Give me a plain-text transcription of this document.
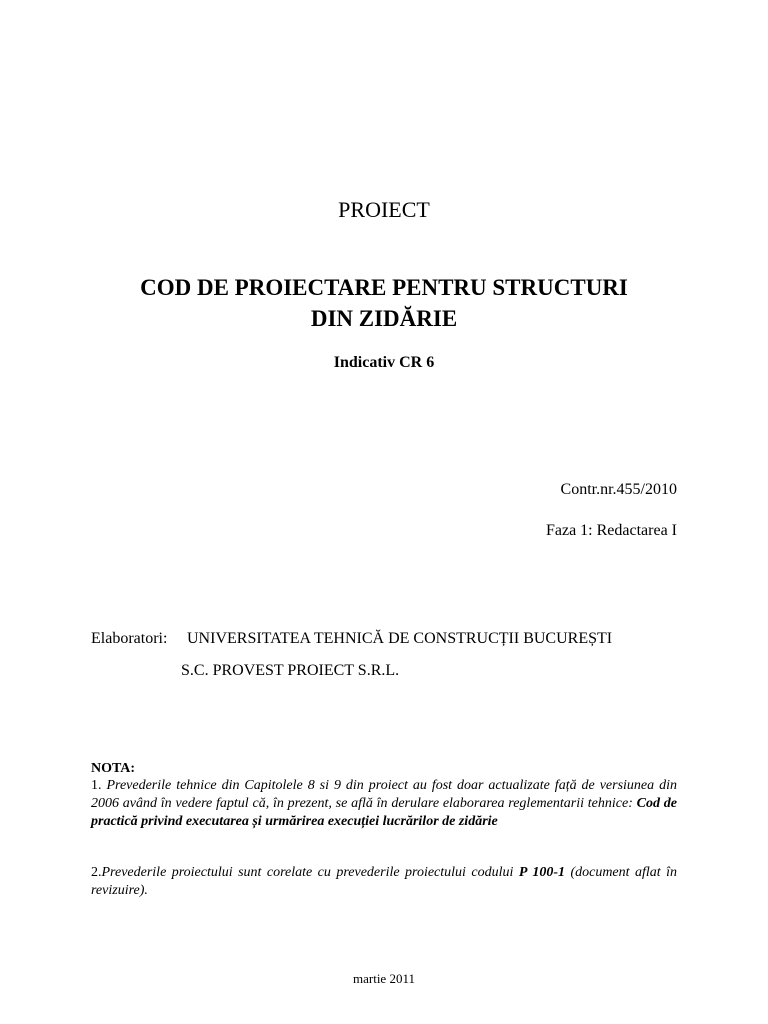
PROIECT
COD DE PROIECTARE PENTRU STRUCTURI
DIN ZIDĂRIE
Indicativ CR 6
Contr.nr.455/2010
Faza 1: Redactarea I
Elaboratori: UNIVERSITATEA TEHNICĂ DE CONSTRUCȚII BUCUREȘTI
S.C. PROVEST PROIECT S.R.L.
NOTA:
1. Prevederile tehnice din Capitolele 8 si 9 din proiect au fost doar actualizate față de versiunea din 2006 având în vedere faptul că, în prezent, se află în derulare elaborarea reglementarii tehnice: Cod de practică privind executarea și urmărirea execuției lucrărilor de zidărie
2.Prevederile proiectului sunt corelate cu prevederile proiectului codului P 100-1 (document aflat în revizuire).
martie 2011
